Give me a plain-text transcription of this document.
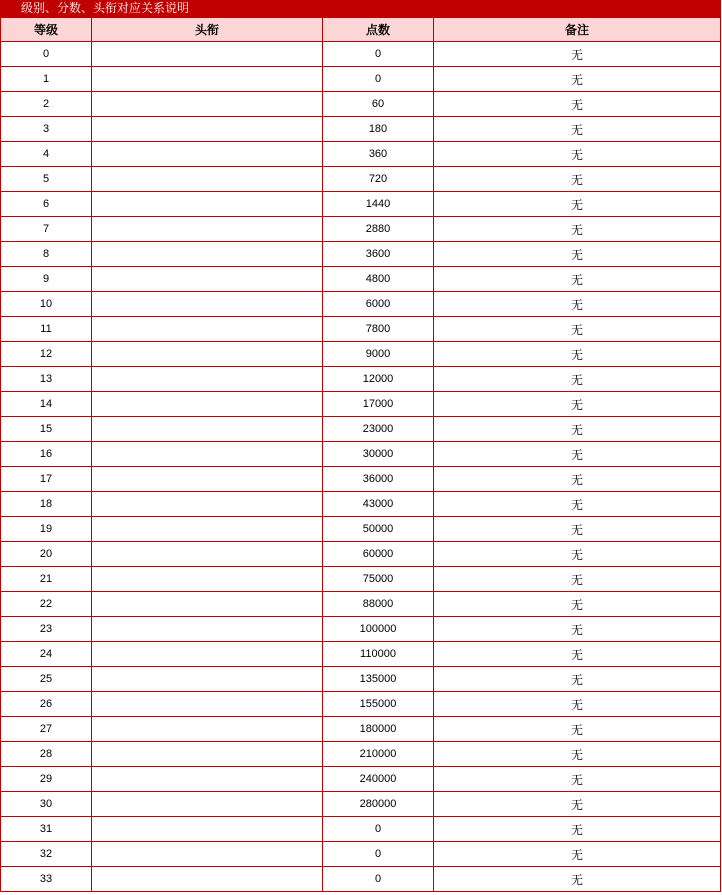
级别、分数、头衔对应关系说明
等级	头衔	点数	备注
0		0	无
1		0	无
2		60	无
3		180	无
4		360	无
5		720	无
6		1440	无
7		2880	无
8		3600	无
9		4800	无
10		6000	无
11		7800	无
12		9000	无
13		12000	无
14		17000	无
15		23000	无
16		30000	无
17		36000	无
18		43000	无
19		50000	无
20		60000	无
21		75000	无
22		88000	无
23		100000	无
24		110000	无
25		135000	无
26		155000	无
27		180000	无
28		210000	无
29		240000	无
30		280000	无
31		0	无
32		0	无
33		0	无
